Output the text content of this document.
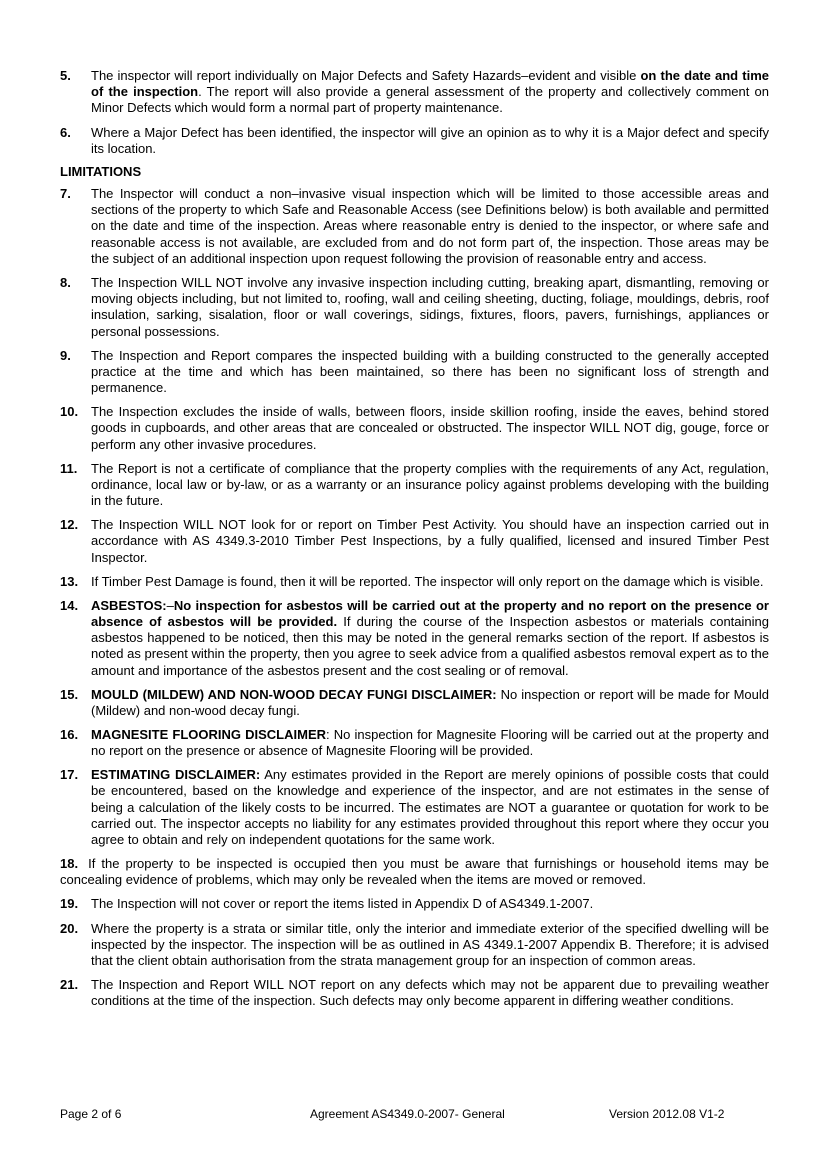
5.	The inspector will report individually on Major Defects and Safety Hazards–evident and visible on the date and time of the inspection. The report will also provide a general assessment of the property and collectively comment on Minor Defects which would form a normal part of property maintenance.
6.	Where a Major Defect has been identified, the inspector will give an opinion as to why it is a Major defect and specify its location.
LIMITATIONS
7.	The Inspector will conduct a non–invasive visual inspection which will be limited to those accessible areas and sections of the property to which Safe and Reasonable Access (see Definitions below) is both available and permitted on the date and time of the inspection. Areas where reasonable entry is denied to the inspector, or where safe and reasonable access is not available, are excluded from and do not form part of, the inspection. Those areas may be the subject of an additional inspection upon request following the provision of reasonable entry and access.
8.	The Inspection WILL NOT involve any invasive inspection including cutting, breaking apart, dismantling, removing or moving objects including, but not limited to, roofing, wall and ceiling sheeting, ducting, foliage, mouldings, debris, roof insulation, sarking, sisalation, floor or wall coverings, sidings, fixtures, floors, pavers, furnishings, appliances or personal possessions.
9.	The Inspection and Report compares the inspected building with a building constructed to the generally accepted practice at the time and which has been maintained, so there has been no significant loss of strength and permanence.
10. The Inspection excludes the inside of walls, between floors, inside skillion roofing, inside the eaves, behind stored goods in cupboards, and other areas that are concealed or obstructed. The inspector WILL NOT dig, gouge, force or perform any other invasive procedures.
11.	The Report is not a certificate of compliance that the property complies with the requirements of any Act, regulation, ordinance, local law or by-law, or as a warranty or an insurance policy against problems developing with the building in the future.
12. The Inspection WILL NOT look for or report on Timber Pest Activity. You should have an inspection carried out in accordance with AS 4349.3-2010 Timber Pest Inspections, by a fully qualified, licensed and insured Timber Pest Inspector.
13. If Timber Pest Damage is found, then it will be reported. The inspector will only report on the damage which is visible.
14. ASBESTOS:–No inspection for asbestos will be carried out at the property and no report on the presence or absence of asbestos will be provided. If during the course of the Inspection asbestos or materials containing asbestos happened to be noticed, then this may be noted in the general remarks section of the report. If asbestos is noted as present within the property, then you agree to seek advice from a qualified asbestos removal expert as to the amount and importance of the asbestos present and the cost sealing or of removal.
15. MOULD (MILDEW) AND NON-WOOD DECAY FUNGI DISCLAIMER: No inspection or report will be made for Mould (Mildew) and non-wood decay fungi.
16. MAGNESITE FLOORING DISCLAIMER: No inspection for Magnesite Flooring will be carried out at the property and no report on the presence or absence of Magnesite Flooring will be provided.
17. ESTIMATING DISCLAIMER: Any estimates provided in the Report are merely opinions of possible costs that could be encountered, based on the knowledge and experience of the inspector, and are not estimates in the sense of being a calculation of the likely costs to be incurred. The estimates are NOT a guarantee or quotation for work to be carried out. The inspector accepts no liability for any estimates provided throughout this report where they occur you agree to obtain and rely on independent quotations for the same work.
18. If the property to be inspected is occupied then you must be aware that furnishings or household items may be concealing evidence of problems, which may only be revealed when the items are moved or removed.
19. The Inspection will not cover or report the items listed in Appendix D of AS4349.1-2007.
20. Where the property is a strata or similar title, only the interior and immediate exterior of the specified dwelling will be inspected by the inspector. The inspection will be as outlined in AS 4349.1-2007 Appendix B. Therefore; it is advised that the client obtain authorisation from the strata management group for an inspection of common areas.
21. The Inspection and Report WILL NOT report on any defects which may not be apparent due to prevailing weather conditions at the time of the inspection. Such defects may only become apparent in differing weather conditions.
Page 2 of 6	Agreement AS4349.0-2007- General	Version 2012.08 V1-2
